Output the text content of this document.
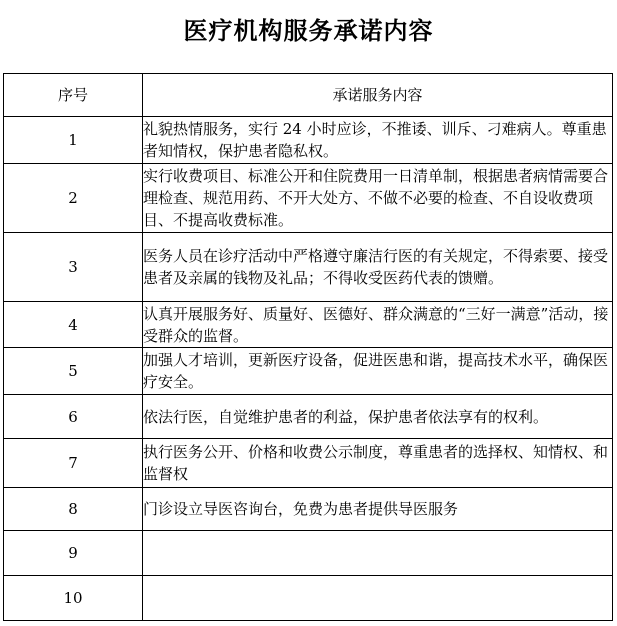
医疗机构服务承诺内容
序号	承诺服务内容
1	礼貌热情服务，实行 24 小时应诊，不推诿、训斥、刁难病人。尊重患者知情权，保护患者隐私权。
2	实行收费项目、标准公开和住院费用一日清单制，根据患者病情需要合理检查、规范用药、不开大处方、不做不必要的检查、不自设收费项目、不提高收费标准。
3	医务人员在诊疗活动中严格遵守廉洁行医的有关规定，不得索要、接受患者及亲属的钱物及礼品；不得收受医药代表的馈赠。
4	认真开展服务好、质量好、医德好、群众满意的“三好一满意”活动，接受群众的监督。
5	加强人才培训，更新医疗设备，促进医患和谐，提高技术水平，确保医疗安全。
6	依法行医，自觉维护患者的利益，保护患者依法享有的权利。
7	执行医务公开、价格和收费公示制度，尊重患者的选择权、知情权、和监督权
8	门诊设立导医咨询台，免费为患者提供导医服务
9	
10	
